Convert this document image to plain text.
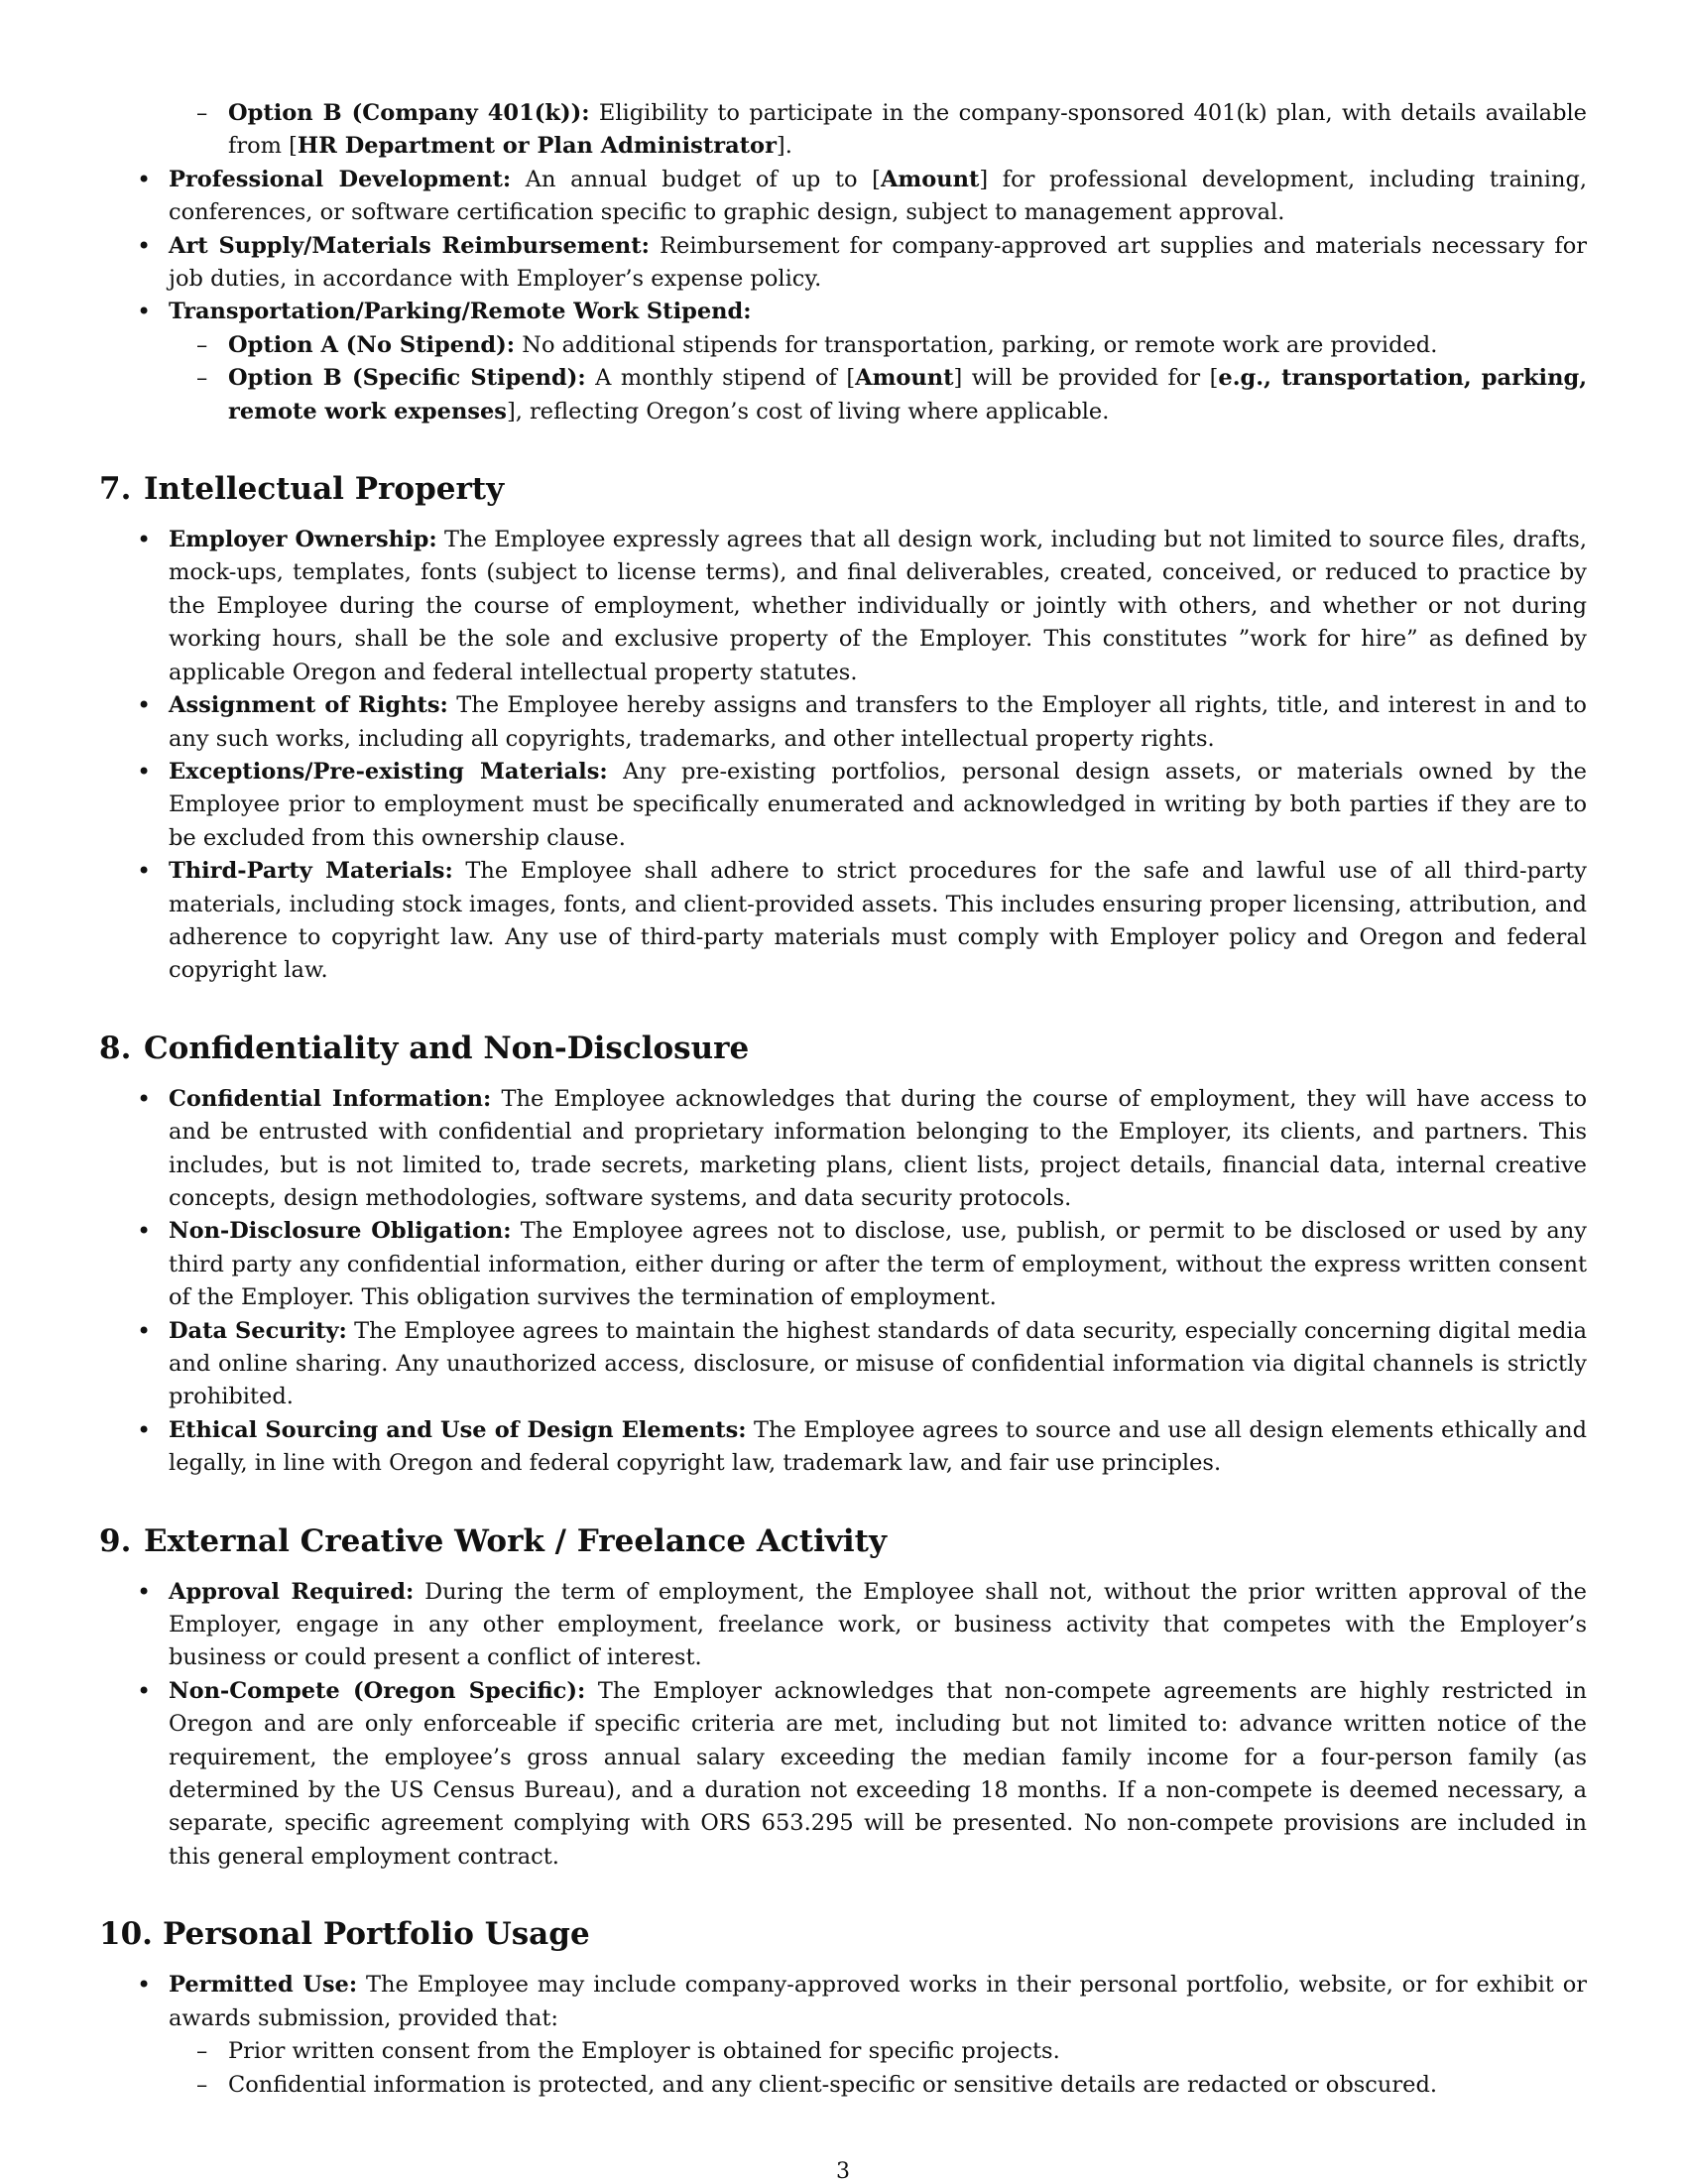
– Option B (Company 401(k)): Eligibility to participate in the company-sponsored 401(k) plan, with details available from [HR Department or Plan Administrator].
• Professional Development: An annual budget of up to [Amount] for professional development, including training, conferences, or software certification specific to graphic design, subject to management approval.
• Art Supply/Materials Reimbursement: Reimbursement for company-approved art supplies and materials necessary for job duties, in accordance with Employer’s expense policy.
• Transportation/Parking/Remote Work Stipend:
– Option A (No Stipend): No additional stipends for transportation, parking, or remote work are provided.
– Option B (Specific Stipend): A monthly stipend of [Amount] will be provided for [e.g., transportation, parking, remote work expenses], reflecting Oregon’s cost of living where applicable.
7. Intellectual Property
• Employer Ownership: The Employee expressly agrees that all design work, including but not limited to source files, drafts, mock-ups, templates, fonts (subject to license terms), and final deliverables, created, conceived, or reduced to practice by the Employee during the course of employment, whether individually or jointly with others, and whether or not during working hours, shall be the sole and exclusive property of the Employer. This constitutes ”work for hire” as defined by applicable Oregon and federal intellectual property statutes.
• Assignment of Rights: The Employee hereby assigns and transfers to the Employer all rights, title, and interest in and to any such works, including all copyrights, trademarks, and other intellectual property rights.
• Exceptions/Pre-existing Materials: Any pre-existing portfolios, personal design assets, or materials owned by the Employee prior to employment must be specifically enumerated and acknowledged in writing by both parties if they are to be excluded from this ownership clause.
• Third-Party Materials: The Employee shall adhere to strict procedures for the safe and lawful use of all third-party materials, including stock images, fonts, and client-provided assets. This includes ensuring proper licensing, attribution, and adherence to copyright law. Any use of third-party materials must comply with Employer policy and Oregon and federal copyright law.
8. Confidentiality and Non-Disclosure
• Confidential Information: The Employee acknowledges that during the course of employment, they will have access to and be entrusted with confidential and proprietary information belonging to the Employer, its clients, and partners. This includes, but is not limited to, trade secrets, marketing plans, client lists, project details, financial data, internal creative concepts, design methodologies, software systems, and data security protocols.
• Non-Disclosure Obligation: The Employee agrees not to disclose, use, publish, or permit to be disclosed or used by any third party any confidential information, either during or after the term of employment, without the express written consent of the Employer. This obligation survives the termination of employment.
• Data Security: The Employee agrees to maintain the highest standards of data security, especially concerning digital media and online sharing. Any unauthorized access, disclosure, or misuse of confidential information via digital channels is strictly prohibited.
• Ethical Sourcing and Use of Design Elements: The Employee agrees to source and use all design elements ethically and legally, in line with Oregon and federal copyright law, trademark law, and fair use principles.
9. External Creative Work / Freelance Activity
• Approval Required: During the term of employment, the Employee shall not, without the prior written approval of the Employer, engage in any other employment, freelance work, or business activity that competes with the Employer’s business or could present a conflict of interest.
• Non-Compete (Oregon Specific): The Employer acknowledges that non-compete agreements are highly restricted in Oregon and are only enforceable if specific criteria are met, including but not limited to: advance written notice of the requirement, the employee’s gross annual salary exceeding the median family income for a four-person family (as determined by the US Census Bureau), and a duration not exceeding 18 months. If a non-compete is deemed necessary, a separate, specific agreement complying with ORS 653.295 will be presented. No non-compete provisions are included in this general employment contract.
10. Personal Portfolio Usage
• Permitted Use: The Employee may include company-approved works in their personal portfolio, website, or for exhibit or awards submission, provided that:
– Prior written consent from the Employer is obtained for specific projects.
– Confidential information is protected, and any client-specific or sensitive details are redacted or obscured.
3
